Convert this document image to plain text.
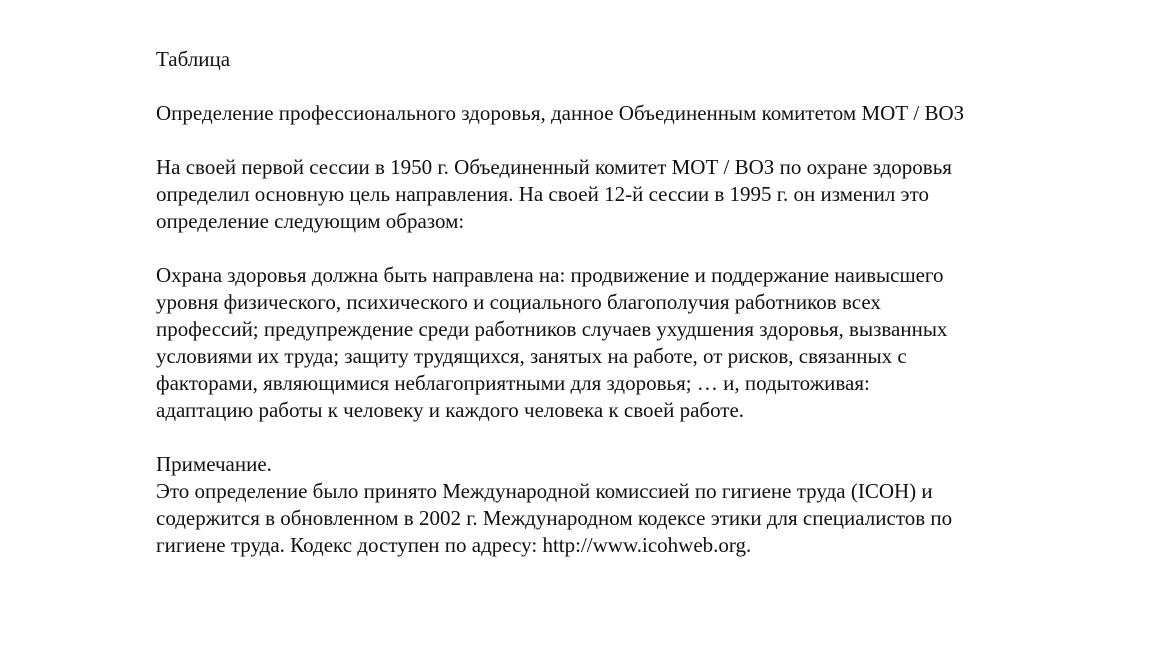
Таблица

Определение профессионального здоровья, данное Объединенным комитетом МОТ / ВОЗ

На своей первой сессии в 1950 г. Объединенный комитет МОТ / ВОЗ по охране здоровья
определил основную цель направления. На своей 12-й сессии в 1995 г. он изменил это
определение следующим образом:

Охрана здоровья должна быть направлена на: продвижение и поддержание наивысшего
уровня физического, психического и социального благополучия работников всех
профессий; предупреждение среди работников случаев ухудшения здоровья, вызванных
условиями их труда; защиту трудящихся, занятых на работе, от рисков, связанных с
факторами, являющимися неблагоприятными для здоровья; … и, подытоживая:
адаптацию работы к человеку и каждого человека к своей работе.

Примечание.
Это определение было принято Международной комиссией по гигиене труда (ICOH) и
содержится в обновленном в 2002 г. Международном кодексе этики для специалистов по
гигиене труда. Кодекс доступен по адресу: http://www.icohweb.org.
